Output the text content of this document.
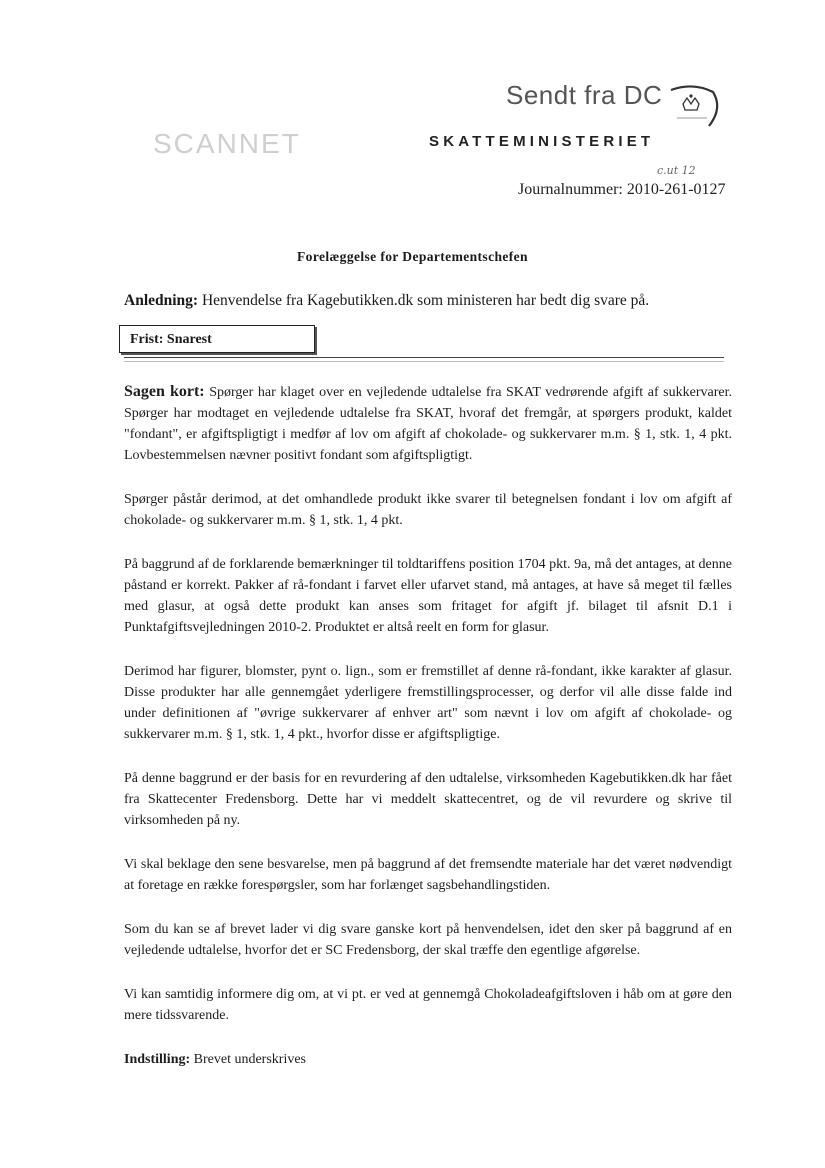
Sendt fra DC
SCANNET	SKATTEMINISTERIET
c.ut 12
Journalnummer: 2010-261-0127
Forelæggelse for Departementschefen
Anledning: Henvendelse fra Kagebutikken.dk som ministeren har bedt dig svare på.
Frist: Snarest

Sagen kort: Spørger har klaget over en vejledende udtalelse fra SKAT vedrørende afgift af sukkervarer. Spørger har modtaget en vejledende udtalelse fra SKAT, hvoraf det fremgår, at spørgers produkt, kaldet "fondant", er afgiftspligtigt i medfør af lov om afgift af chokolade- og sukkervarer m.m. § 1, stk. 1, 4 pkt. Lovbestemmelsen nævner positivt fondant som afgiftspligtigt.

Spørger påstår derimod, at det omhandlede produkt ikke svarer til betegnelsen fondant i lov om afgift af chokolade- og sukkervarer m.m. § 1, stk. 1, 4 pkt.

På baggrund af de forklarende bemærkninger til toldtariffens position 1704 pkt. 9a, må det antages, at denne påstand er korrekt. Pakker af rå-fondant i farvet eller ufarvet stand, må antages, at have så meget til fælles med glasur, at også dette produkt kan anses som fritaget for afgift jf. bilaget til afsnit D.1 i Punktafgiftsvejledningen 2010-2. Produktet er altså reelt en form for glasur.

Derimod har figurer, blomster, pynt o. lign., som er fremstillet af denne rå-fondant, ikke karakter af glasur. Disse produkter har alle gennemgået yderligere fremstillingsprocesser, og derfor vil alle disse falde ind under definitionen af "øvrige sukkervarer af enhver art" som nævnt i lov om afgift af chokolade- og sukkervarer m.m. § 1, stk. 1, 4 pkt., hvorfor disse er afgiftspligtige.

På denne baggrund er der basis for en revurdering af den udtalelse, virksomheden Kagebutikken.dk har fået fra Skattecenter Fredensborg. Dette har vi meddelt skattecentret, og de vil revurdere og skrive til virksomheden på ny.

Vi skal beklage den sene besvarelse, men på baggrund af det fremsendte materiale har det været nødvendigt at foretage en række forespørgsler, som har forlænget sagsbehandlingstiden.

Som du kan se af brevet lader vi dig svare ganske kort på henvendelsen, idet den sker på baggrund af en vejledende udtalelse, hvorfor det er SC Fredensborg, der skal træffe den egentlige afgørelse.

Vi kan samtidig informere dig om, at vi pt. er ved at gennemgå Chokoladeafgiftsloven i håb om at gøre den mere tidssvarende.

Indstilling: Brevet underskrives
